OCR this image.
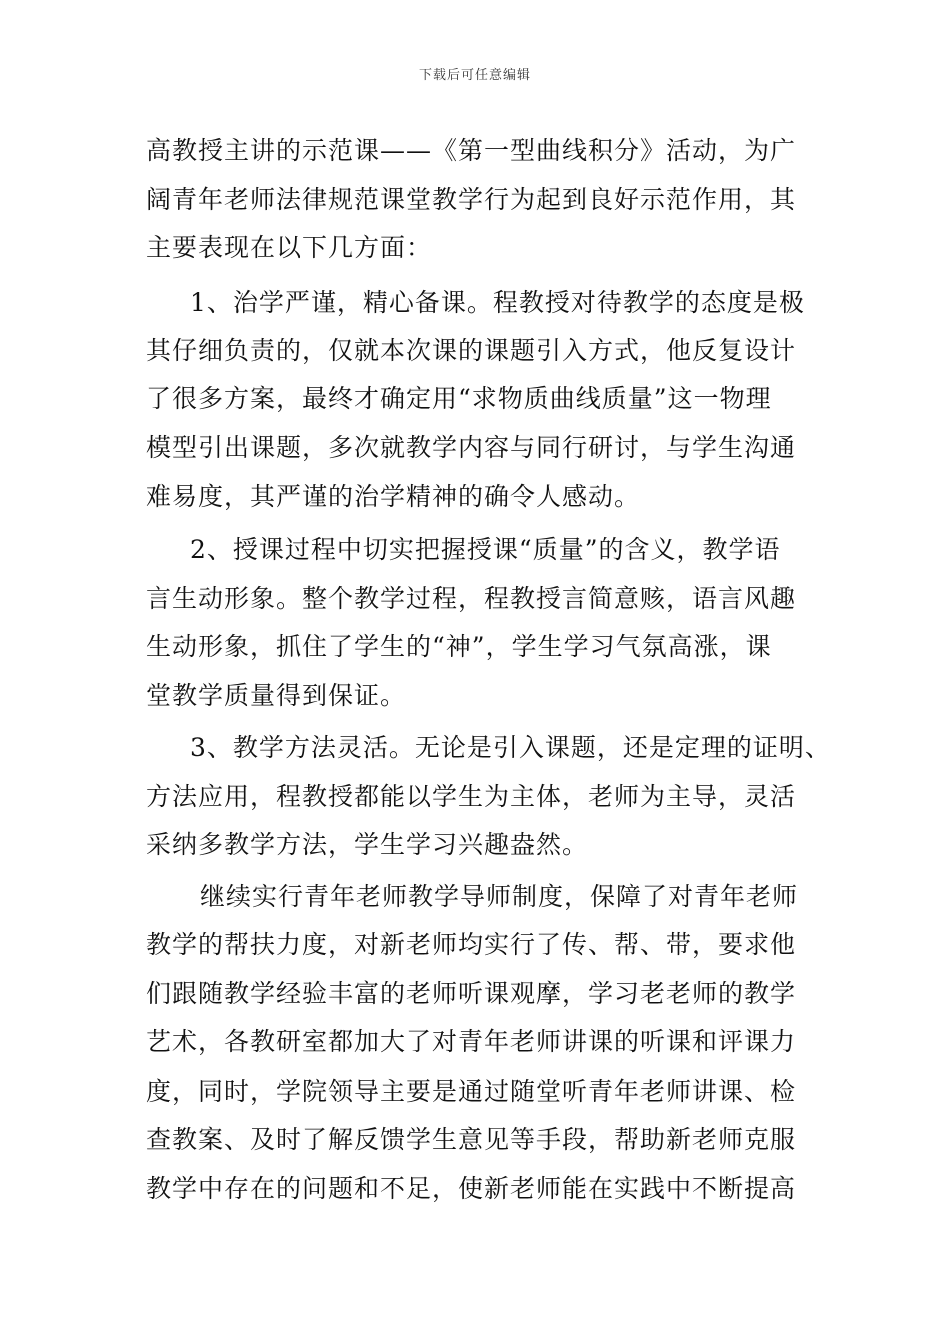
下载后可任意编辑
高教授主讲的示范课——《第一型曲线积分》活动，为广
阔青年老师法律规范课堂教学行为起到良好示范作用，其
主要表现在以下几方面：
1、治学严谨，精心备课。程教授对待教学的态度是极
其仔细负责的，仅就本次课的课题引入方式，他反复设计
了很多方案，最终才确定用“求物质曲线质量”这一物理
模型引出课题，多次就教学内容与同行研讨，与学生沟通
难易度，其严谨的治学精神的确令人感动。
2、授课过程中切实把握授课“质量”的含义，教学语
言生动形象。整个教学过程，程教授言简意赅，语言风趣
生动形象，抓住了学生的“神”，学生学习气氛高涨，课
堂教学质量得到保证。
3、教学方法灵活。无论是引入课题，还是定理的证明、
方法应用，程教授都能以学生为主体，老师为主导，灵活
采纳多教学方法，学生学习兴趣盎然。
继续实行青年老师教学导师制度，保障了对青年老师
教学的帮扶力度，对新老师均实行了传、帮、带，要求他
们跟随教学经验丰富的老师听课观摩，学习老老师的教学
艺术，各教研室都加大了对青年老师讲课的听课和评课力
度，同时，学院领导主要是通过随堂听青年老师讲课、检
查教案、及时了解反馈学生意见等手段，帮助新老师克服
教学中存在的问题和不足，使新老师能在实践中不断提高
